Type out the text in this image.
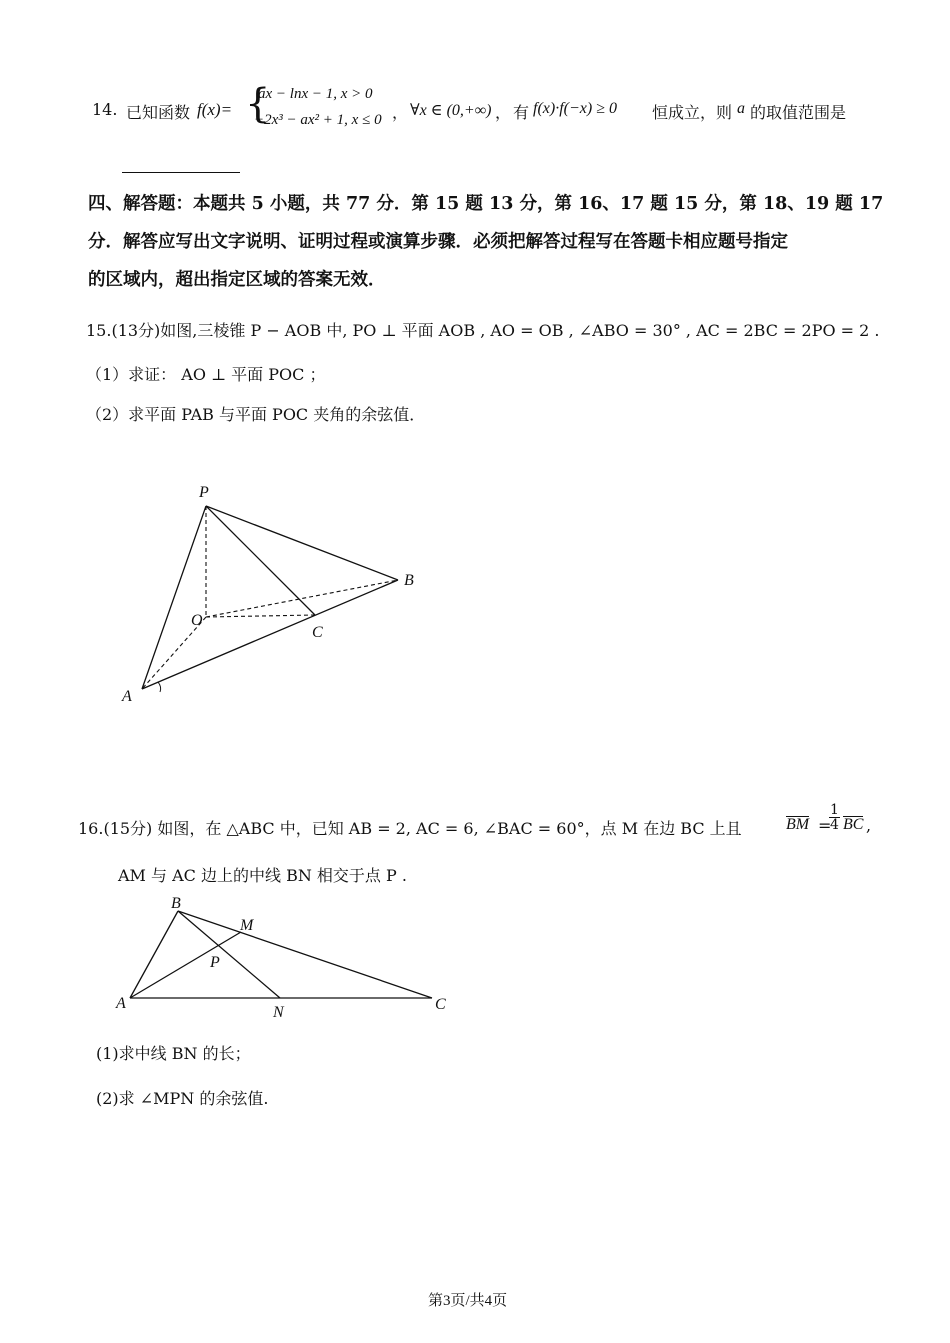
14. 已知函数 f(x)= {
ax − lnx − 1, x > 0
−2x³ − ax² + 1, x ≤ 0 ， ∀x ∈ (0,+∞) ， 有 f(x)·f(−x) ≥ 0 恒成立，则 a 的取值范围是
四、解答题：本题共 5 小题，共 77 分．第 15 题 13 分，第 16、17 题 15 分，第 18、19 题 17
分．解答应写出文字说明、证明过程或演算步骤．必须把解答过程写在答题卡相应题号指定
的区域内，超出指定区域的答案无效．
15.(13分)如图,三棱锥 P − AOB 中, PO ⊥ 平面 AOB , AO = OB , ∠ABO = 30° , AC = 2BC = 2PO = 2 .
（1）求证： AO ⊥ 平面 POC ；
（2）求平面 PAB 与平面 POC 夹角的余弦值．
P
B
O
C
A
16.(15分) 如图，在 △ABC 中，已知 AB = 2, AC = 6, ∠BAC = 60°，点 M 在边 BC 上且	BM =
$\frac{1}{4}$ BC ,
AM 与 AC 边上的中线 BN 相交于点 P .
B
M
P
A
N	C
(1)求中线 BN 的长；
(2)求 ∠MPN 的余弦值.
第3页/共4页
